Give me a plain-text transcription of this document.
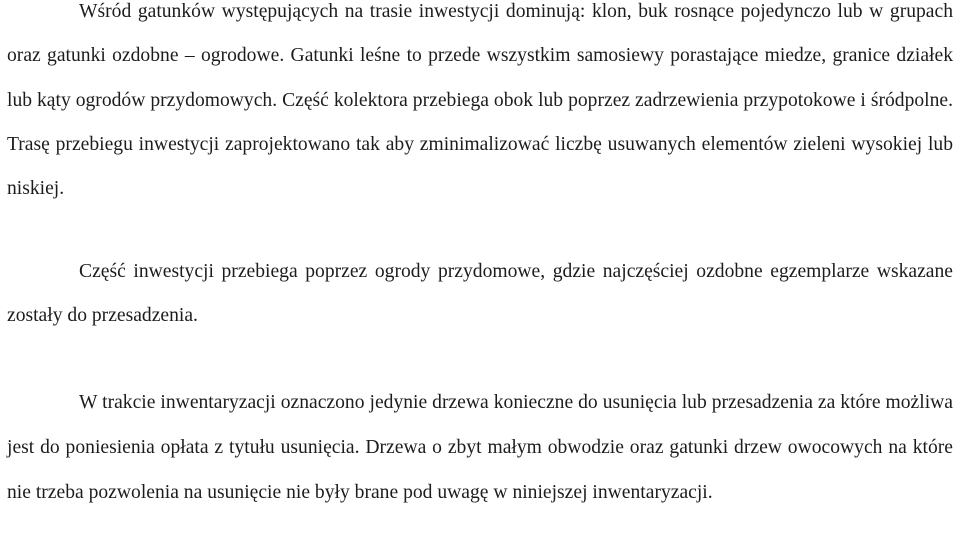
Wśród gatunków występujących na trasie inwestycji dominują: klon, buk rosnące pojedynczo lub w grupach oraz gatunki ozdobne – ogrodowe. Gatunki leśne to przede wszystkim samosiewy porastające miedze, granice działek lub kąty ogrodów przydomowych. Część kolektora przebiega obok lub poprzez zadrzewienia przypotokowe i śródpolne. Trasę przebiegu inwestycji zaprojektowano tak aby zminimalizować liczbę usuwanych elementów zieleni wysokiej lub niskiej.

Część inwestycji przebiega poprzez ogrody przydomowe, gdzie najczęściej ozdobne egzemplarze wskazane zostały do przesadzenia.

W trakcie inwentaryzacji oznaczono jedynie drzewa konieczne do usunięcia lub przesadzenia za które możliwa jest do poniesienia opłata z tytułu usunięcia. Drzewa o zbyt małym obwodzie oraz gatunki drzew owocowych na które nie trzeba pozwolenia na usunięcie nie były brane pod uwagę w niniejszej inwentaryzacji.
